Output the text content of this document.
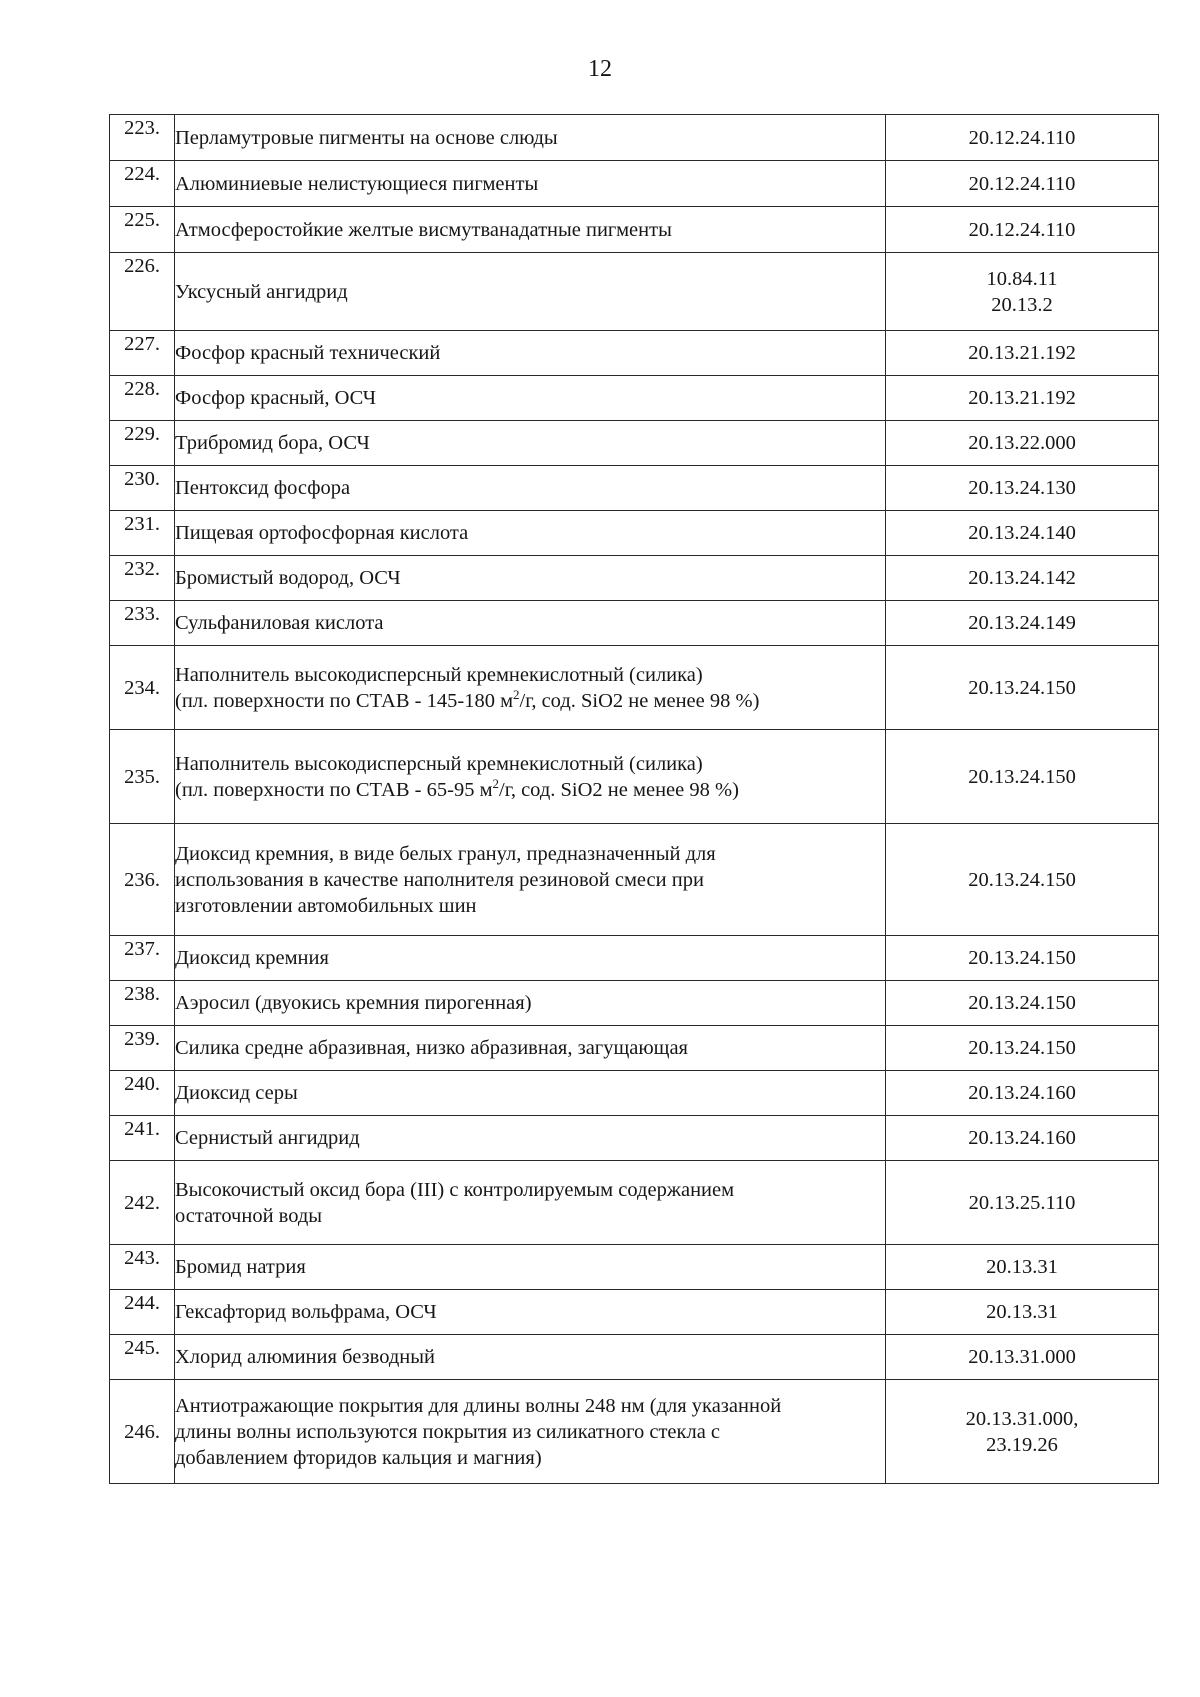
12
223.	Перламутровые пигменты на основе слюды	20.12.24.110

224.	Алюминиевые нелистующиеся пигменты	20.12.24.110

225.	Атмосферостойкие желтые висмутванадатные пигменты	20.12.24.110

226.	Уксусный ангидрид	10.84.11
20.13.2

227.	Фосфор красный технический	20.13.21.192

228.	Фосфор красный, ОСЧ	20.13.21.192

229.	Трибромид бора, ОСЧ	20.13.22.000

230.	Пентоксид фосфора	20.13.24.130

231.	Пищевая ортофосфорная кислота	20.13.24.140

232.	Бромистый водород, ОСЧ	20.13.24.142

233.	Сульфаниловая кислота	20.13.24.149

234.	Наполнитель высокодисперсный кремнекислотный (силика)
(пл. поверхности по СТАВ - 145-180 $м^2/г$, сод. SiO2 не менее 98 %)	20.13.24.150

235.	Наполнитель высокодисперсный кремнекислотный (силика)
(пл. поверхности по СТАВ - 65-95 $м^2/г$, сод. SiO2 не менее 98 %)	20.13.24.150

236.	Диоксид кремния, в виде белых гранул, предназначенный для
использования в качестве наполнителя резиновой смеси при
изготовлении автомобильных шин	20.13.24.150

237.	Диоксид кремния	20.13.24.150

238.	Аэросил (двуокись кремния пирогенная)	20.13.24.150

239.	Силика средне абразивная, низко абразивная, загущающая	20.13.24.150

240.	Диоксид серы	20.13.24.160

241.	Сернистый ангидрид	20.13.24.160

242.	Высокочистый оксид бора (III) с контролируемым содержанием
остаточной воды	20.13.25.110

243.	Бромид натрия	20.13.31

244.	Гексафторид вольфрама, ОСЧ	20.13.31

245.	Хлорид алюминия безводный	20.13.31.000

246.	Антиотражающие покрытия для длины волны 248 нм (для указанной
длины волны используются покрытия из силикатного стекла с
добавлением фторидов кальция и магния)	20.13.31.000,
23.19.26
